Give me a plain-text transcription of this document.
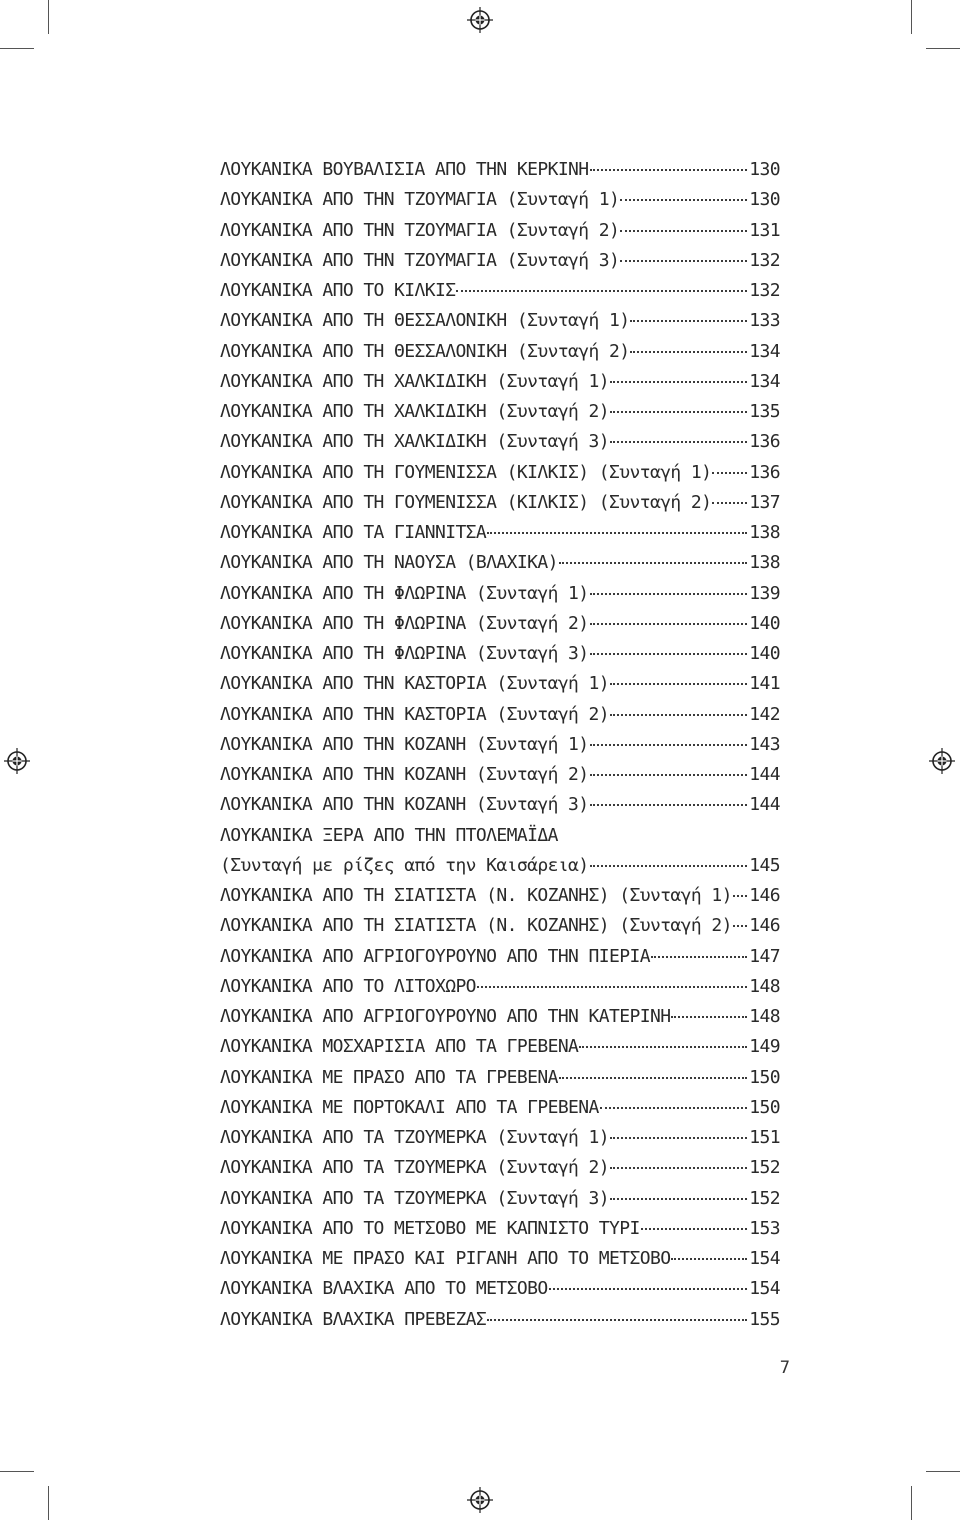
ΛΟΥΚΑΝΙΚΑ ΒΟΥΒΑΛΙΣΙΑ ΑΠΟ ΤΗΝ ΚΕΡΚΙΝΗ	130
ΛΟΥΚΑΝΙΚΑ ΑΠΟ ΤΗΝ ΤΖΟΥΜΑΓΙΑ (Συνταγή 1)	130
ΛΟΥΚΑΝΙΚΑ ΑΠΟ ΤΗΝ ΤΖΟΥΜΑΓΙΑ (Συνταγή 2)	131
ΛΟΥΚΑΝΙΚΑ ΑΠΟ ΤΗΝ ΤΖΟΥΜΑΓΙΑ (Συνταγή 3)	132
ΛΟΥΚΑΝΙΚΑ ΑΠΟ ΤΟ ΚΙΛΚΙΣ	132
ΛΟΥΚΑΝΙΚΑ ΑΠΟ ΤΗ ΘΕΣΣΑΛΟΝΙΚΗ (Συνταγή 1)	133
ΛΟΥΚΑΝΙΚΑ ΑΠΟ ΤΗ ΘΕΣΣΑΛΟΝΙΚΗ (Συνταγή 2)	134
ΛΟΥΚΑΝΙΚΑ ΑΠΟ ΤΗ ΧΑΛΚΙΔΙΚΗ (Συνταγή 1)	134
ΛΟΥΚΑΝΙΚΑ ΑΠΟ ΤΗ ΧΑΛΚΙΔΙΚΗ (Συνταγή 2)	135
ΛΟΥΚΑΝΙΚΑ ΑΠΟ ΤΗ ΧΑΛΚΙΔΙΚΗ (Συνταγή 3)	136
ΛΟΥΚΑΝΙΚΑ ΑΠΟ ΤΗ ΓΟΥΜΕΝΙΣΣΑ (ΚΙΛΚΙΣ) (Συνταγή 1) 136
ΛΟΥΚΑΝΙΚΑ ΑΠΟ ΤΗ ΓΟΥΜΕΝΙΣΣΑ (ΚΙΛΚΙΣ) (Συνταγή 2) 137
ΛΟΥΚΑΝΙΚΑ ΑΠΟ ΤΑ ΓΙΑΝΝΙΤΣΑ	138
ΛΟΥΚΑΝΙΚΑ ΑΠΟ ΤΗ ΝΑΟΥΣΑ (ΒΛΑΧΙΚΑ)	138
ΛΟΥΚΑΝΙΚΑ ΑΠΟ ΤΗ ΦΛΩΡΙΝΑ (Συνταγή 1)	139
ΛΟΥΚΑΝΙΚΑ ΑΠΟ ΤΗ ΦΛΩΡΙΝΑ (Συνταγή 2)	140
ΛΟΥΚΑΝΙΚΑ ΑΠΟ ΤΗ ΦΛΩΡΙΝΑ (Συνταγή 3)	140
ΛΟΥΚΑΝΙΚΑ ΑΠΟ ΤΗΝ ΚΑΣΤΟΡΙΑ (Συνταγή 1)	141
ΛΟΥΚΑΝΙΚΑ ΑΠΟ ΤΗΝ ΚΑΣΤΟΡΙΑ (Συνταγή 2)	142
ΛΟΥΚΑΝΙΚΑ ΑΠΟ ΤΗΝ ΚΟΖΑΝΗ (Συνταγή 1)	143
ΛΟΥΚΑΝΙΚΑ ΑΠΟ ΤΗΝ ΚΟΖΑΝΗ (Συνταγή 2)	144
ΛΟΥΚΑΝΙΚΑ ΑΠΟ ΤΗΝ ΚΟΖΑΝΗ (Συνταγή 3)	144
ΛΟΥΚΑΝΙΚΑ ΞΕΡΑ ΑΠΟ ΤΗΝ ΠΤΟΛΕΜΑΪΔΑ
(Συνταγή με ρίζες από την Καισάρεια)	145
ΛΟΥΚΑΝΙΚΑ ΑΠΟ ΤΗ ΣΙΑΤΙΣΤΑ (Ν. ΚΟΖΑΝΗΣ) (Συνταγή 1) 146
ΛΟΥΚΑΝΙΚΑ ΑΠΟ ΤΗ ΣΙΑΤΙΣΤΑ (Ν. ΚΟΖΑΝΗΣ) (Συνταγή 2) 146
ΛΟΥΚΑΝΙΚΑ ΑΠΟ ΑΓΡΙΟΓΟΥΡΟΥΝΟ ΑΠΟ ΤΗΝ ΠΙΕΡΙΑ	147
ΛΟΥΚΑΝΙΚΑ ΑΠΟ ΤΟ ΛΙΤΟΧΩΡΟ	148
ΛΟΥΚΑΝΙΚΑ ΑΠΟ ΑΓΡΙΟΓΟΥΡΟΥΝΟ ΑΠΟ ΤΗΝ ΚΑΤΕΡΙΝΗ	148
ΛΟΥΚΑΝΙΚΑ ΜΟΣΧΑΡΙΣΙΑ ΑΠΟ ΤΑ ΓΡΕΒΕΝΑ	149
ΛΟΥΚΑΝΙΚΑ ΜΕ ΠΡΑΣΟ ΑΠΟ ΤΑ ΓΡΕΒΕΝΑ	150
ΛΟΥΚΑΝΙΚΑ ΜΕ ΠΟΡΤΟΚΑΛΙ ΑΠΟ ΤΑ ΓΡΕΒΕΝΑ	150
ΛΟΥΚΑΝΙΚΑ ΑΠΟ ΤΑ ΤΖΟΥΜΕΡΚΑ (Συνταγή 1)	151
ΛΟΥΚΑΝΙΚΑ ΑΠΟ ΤΑ ΤΖΟΥΜΕΡΚΑ (Συνταγή 2)	152
ΛΟΥΚΑΝΙΚΑ ΑΠΟ ΤΑ ΤΖΟΥΜΕΡΚΑ (Συνταγή 3)	152
ΛΟΥΚΑΝΙΚΑ ΑΠΟ ΤΟ ΜΕΤΣΟΒΟ ΜΕ ΚΑΠΝΙΣΤΟ ΤΥΡΙ	153
ΛΟΥΚΑΝΙΚΑ ΜΕ ΠΡΑΣΟ ΚΑΙ ΡΙΓΑΝΗ ΑΠΟ ΤΟ ΜΕΤΣΟΒΟ	154
ΛΟΥΚΑΝΙΚΑ ΒΛΑΧΙΚΑ ΑΠΟ ΤΟ ΜΕΤΣΟΒΟ	154
ΛΟΥΚΑΝΙΚΑ ΒΛΑΧΙΚΑ ΠΡΕΒΕΖΑΣ	155
7
